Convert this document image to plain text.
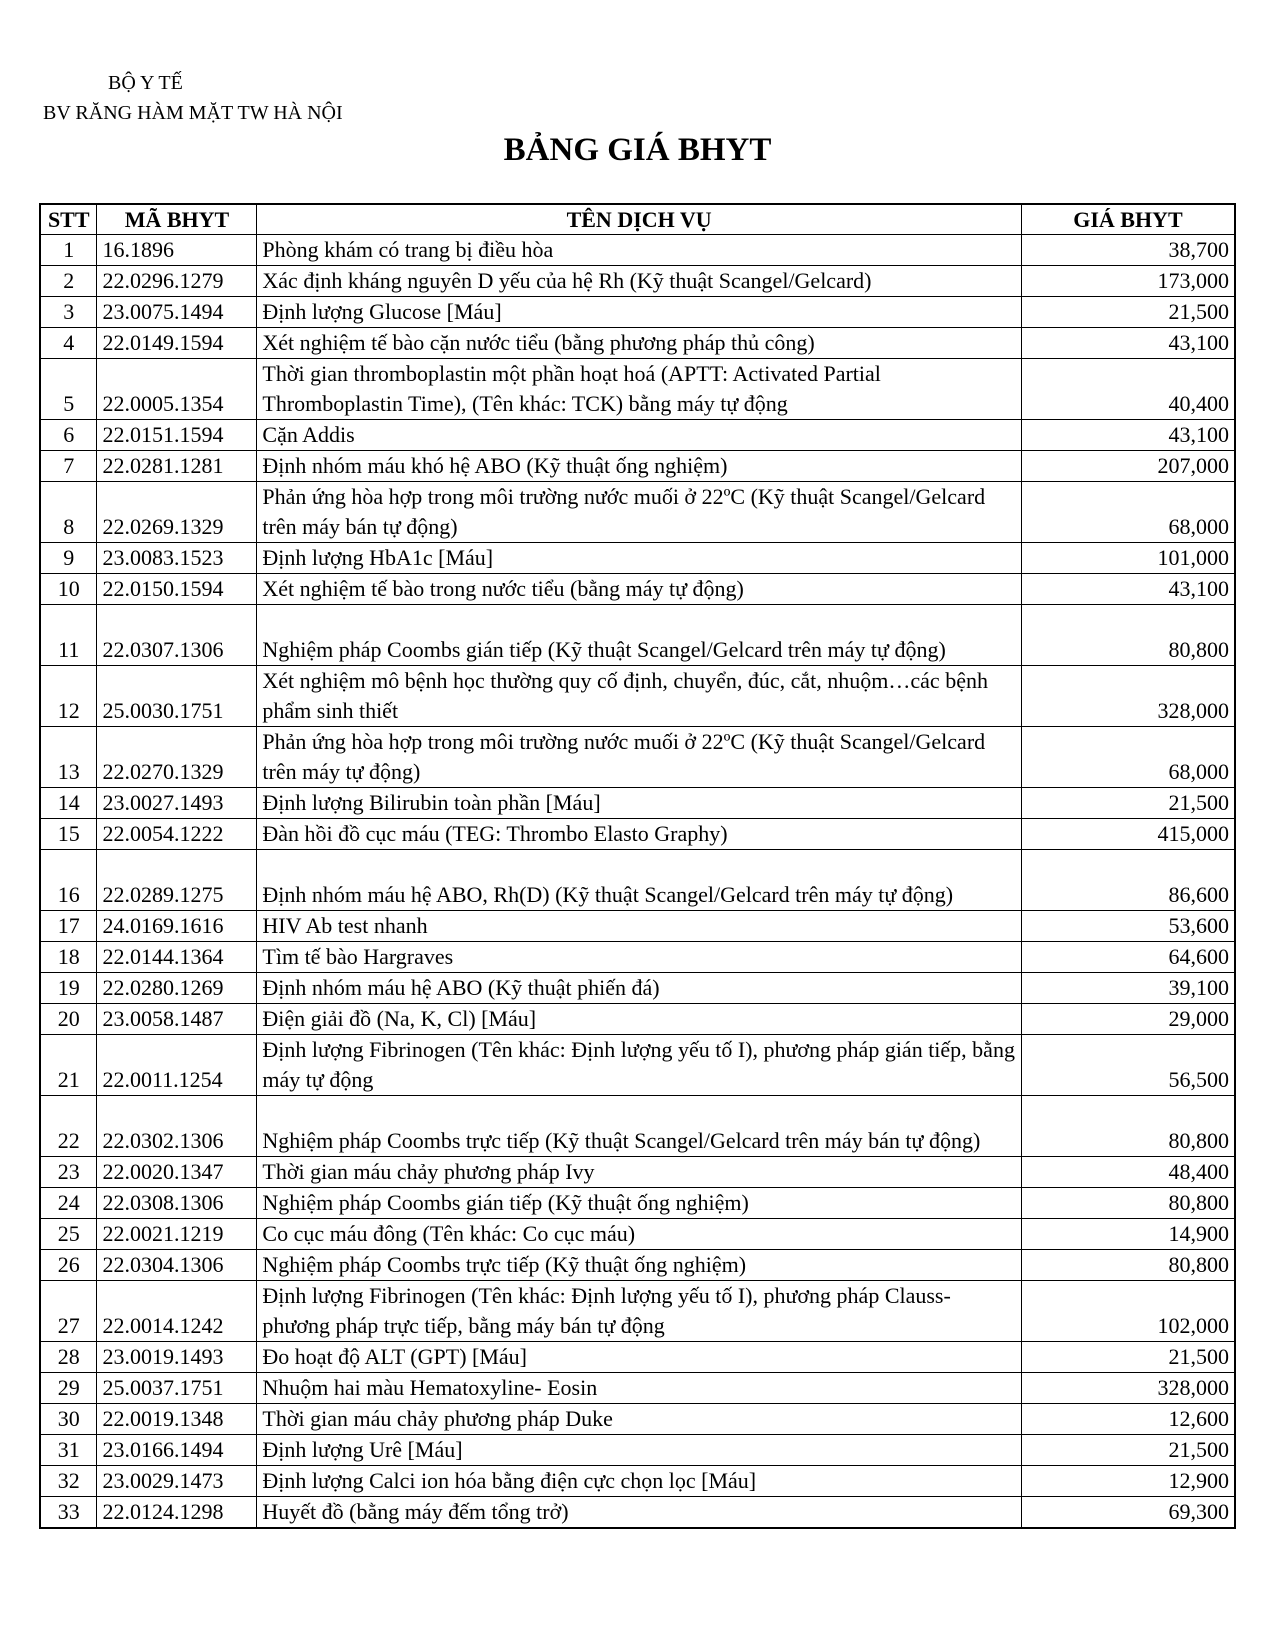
BỘ Y TẾ
BV RĂNG HÀM MẶT TW HÀ NỘI
BẢNG GIÁ BHYT
STT	MÃ BHYT	TÊN DỊCH VỤ	GIÁ BHYT
1	16.1896	Phòng khám có trang bị điều hòa	38,700
2	22.0296.1279	Xác định kháng nguyên D yếu của hệ Rh (Kỹ thuật Scangel/Gelcard)	173,000
3	23.0075.1494	Định lượng Glucose [Máu]	21,500
4	22.0149.1594	Xét nghiệm tế bào cặn nước tiểu (bằng phương pháp thủ công)	43,100
5	22.0005.1354	Thời gian thromboplastin một phần hoạt hoá (APTT: Activated Partial Thromboplastin Time), (Tên khác: TCK) bằng máy tự động	40,400
6	22.0151.1594	Cặn Addis	43,100
7	22.0281.1281	Định nhóm máu khó hệ ABO (Kỹ thuật ống nghiệm)	207,000
8	22.0269.1329	Phản ứng hòa hợp trong môi trường nước muối ở 22ºC (Kỹ thuật Scangel/Gelcard trên máy bán tự động)	68,000
9	23.0083.1523	Định lượng HbA1c [Máu]	101,000
10	22.0150.1594	Xét nghiệm tế bào trong nước tiểu (bằng máy tự động)	43,100
11	22.0307.1306	Nghiệm pháp Coombs gián tiếp (Kỹ thuật Scangel/Gelcard trên máy tự động)	80,800
12	25.0030.1751	Xét nghiệm mô bệnh học thường quy cố định, chuyển, đúc, cắt, nhuộm…các bệnh phẩm sinh thiết	328,000
13	22.0270.1329	Phản ứng hòa hợp trong môi trường nước muối ở 22ºC (Kỹ thuật Scangel/Gelcard trên máy tự động)	68,000
14	23.0027.1493	Định lượng Bilirubin toàn phần [Máu]	21,500
15	22.0054.1222	Đàn hồi đồ cục máu (TEG: Thrombo Elasto Graphy)	415,000
16	22.0289.1275	Định nhóm máu hệ ABO, Rh(D) (Kỹ thuật Scangel/Gelcard trên máy tự động)	86,600
17	24.0169.1616	HIV Ab test nhanh	53,600
18	22.0144.1364	Tìm tế bào Hargraves	64,600
19	22.0280.1269	Định nhóm máu hệ ABO (Kỹ thuật phiến đá)	39,100
20	23.0058.1487	Điện giải đồ (Na, K, Cl) [Máu]	29,000
21	22.0011.1254	Định lượng Fibrinogen (Tên khác: Định lượng yếu tố I), phương pháp gián tiếp, bằng máy tự động	56,500
22	22.0302.1306	Nghiệm pháp Coombs trực tiếp (Kỹ thuật Scangel/Gelcard trên máy bán tự động)	80,800
23	22.0020.1347	Thời gian máu chảy phương pháp Ivy	48,400
24	22.0308.1306	Nghiệm pháp Coombs gián tiếp (Kỹ thuật ống nghiệm)	80,800
25	22.0021.1219	Co cục máu đông (Tên khác: Co cục máu)	14,900
26	22.0304.1306	Nghiệm pháp Coombs trực tiếp (Kỹ thuật ống nghiệm)	80,800
27	22.0014.1242	Định lượng Fibrinogen (Tên khác: Định lượng yếu tố I), phương pháp Clauss-phương pháp trực tiếp, bằng máy bán tự động	102,000
28	23.0019.1493	Đo hoạt độ ALT (GPT) [Máu]	21,500
29	25.0037.1751	Nhuộm hai màu Hematoxyline- Eosin	328,000
30	22.0019.1348	Thời gian máu chảy phương pháp Duke	12,600
31	23.0166.1494	Định lượng Urê [Máu]	21,500
32	23.0029.1473	Định lượng Calci ion hóa bằng điện cực chọn lọc [Máu]	12,900
33	22.0124.1298	Huyết đồ (bằng máy đếm tổng trở)	69,300
